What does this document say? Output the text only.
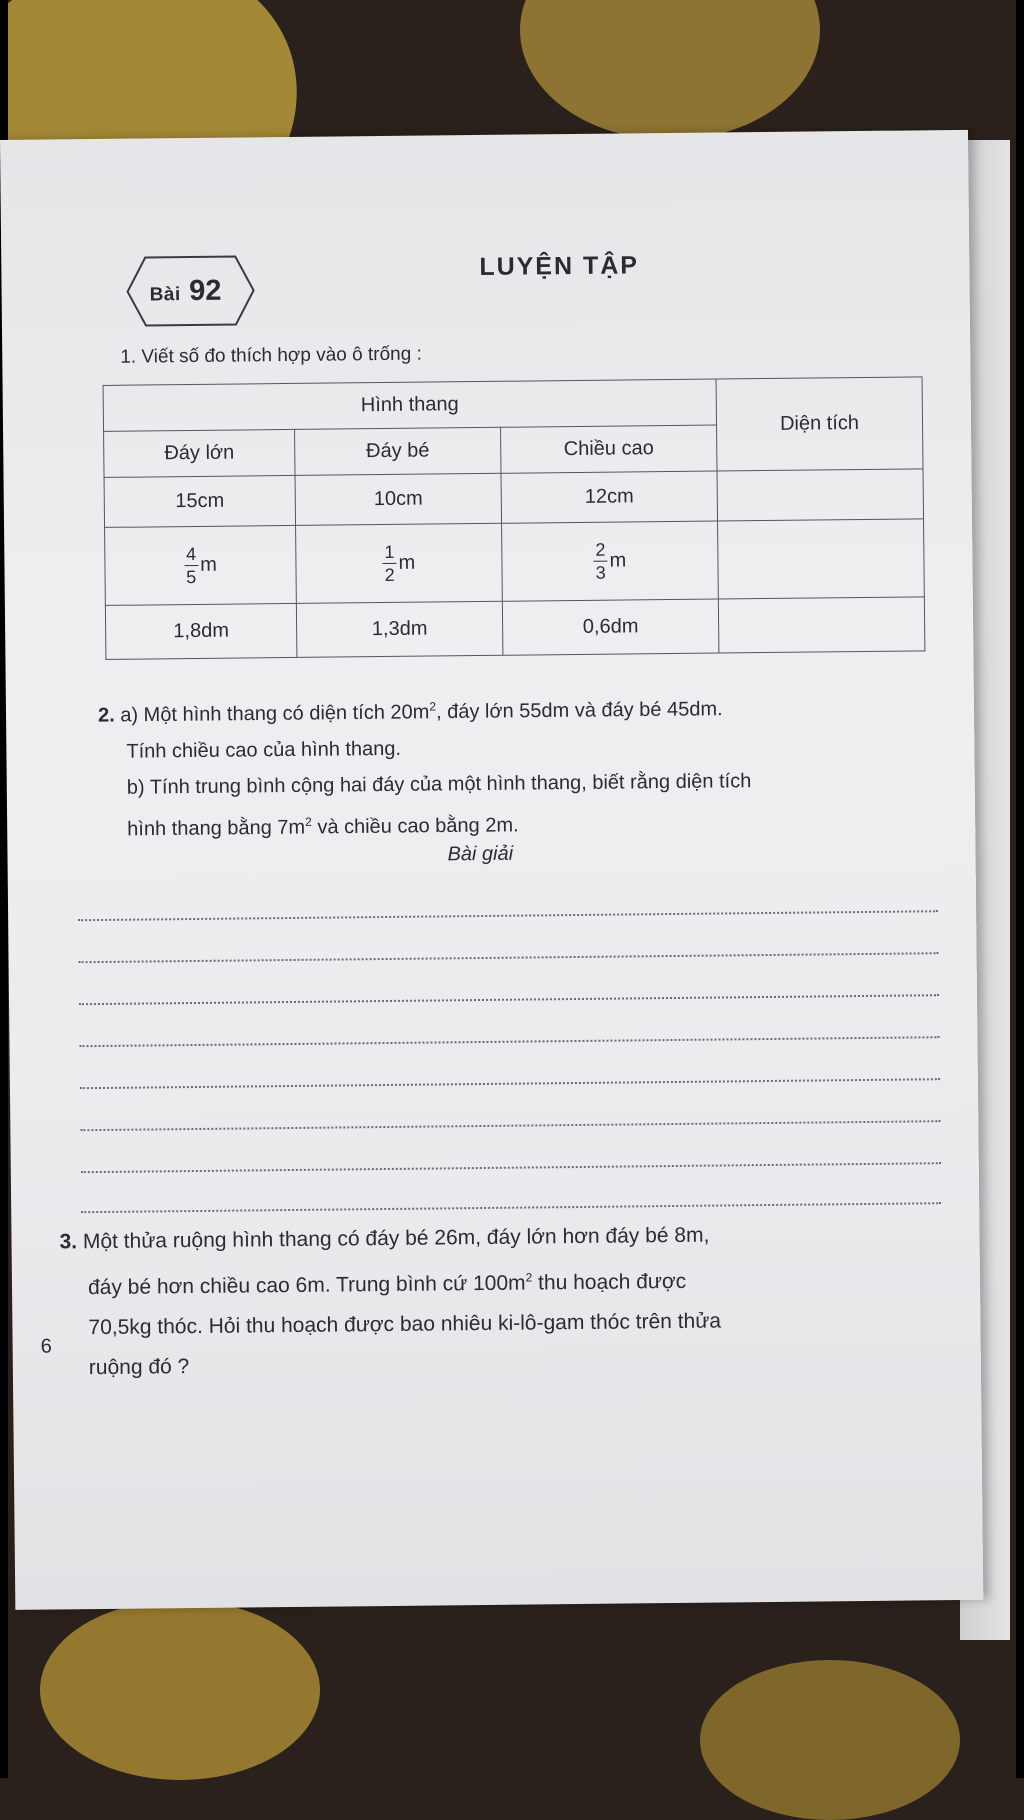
Bài 92
LUYỆN TẬP
1. Viết số đo thích hợp vào ô trống :
Hình thang			Diện tích
Đáy lớn	Đáy bé	Chiều cao	
15cm	10cm	12cm	

$\frac{4}{5}$ m	$\frac{1}{2}$ m	$\frac{2}{3}$ m	
1,8dm	1,3dm	0,6dm	

2. a) Một hình thang có diện tích $20m^2$, đáy lớn 55dm và đáy bé 45dm.

Tính chiều cao của hình thang.

b) Tính trung bình cộng hai đáy của một hình thang, biết rằng diện tích

hình thang bằng $7m^2$ và chiều cao bằng 2m.

Bài giải

3. Một thửa ruộng hình thang có đáy bé 26m, đáy lớn hơn đáy bé 8m,

đáy bé hơn chiều cao 6m. Trung bình cứ $100m^2$ thu hoạch được

70,5kg thóc. Hỏi thu hoạch được bao nhiêu ki-lô-gam thóc trên thửa

ruộng đó ?

6
